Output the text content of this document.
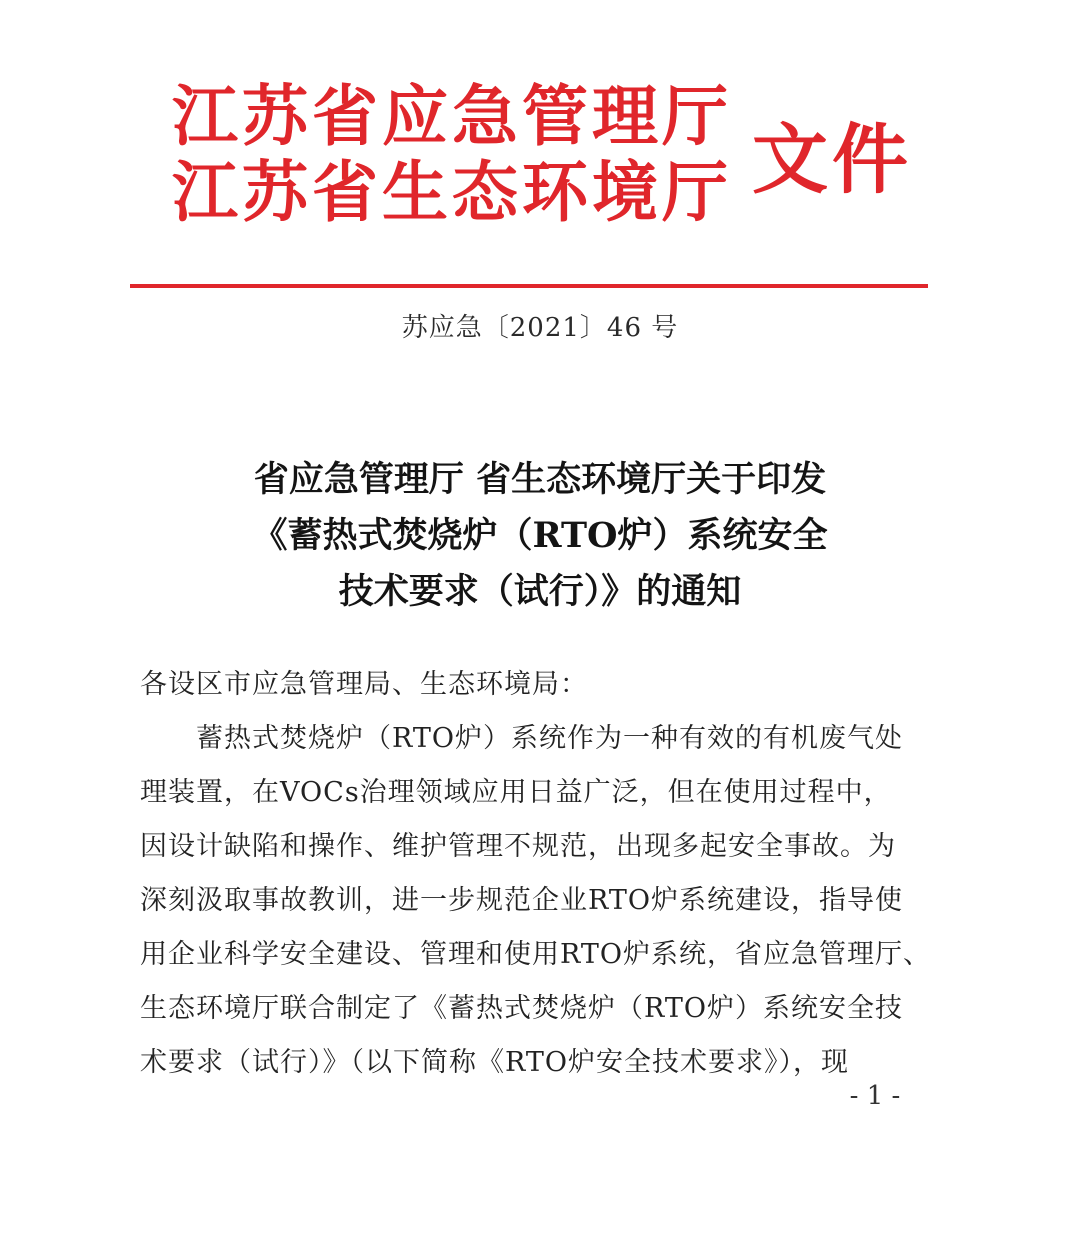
江苏省应急管理厅
江苏省生态环境厅 文件
苏应急〔2021〕46 号
省应急管理厅 省生态环境厅关于印发
《蓄热式焚烧炉（RTO炉）系统安全
技术要求（试行）》的通知
各设区市应急管理局、生态环境局：
　　蓄热式焚烧炉（RTO炉）系统作为一种有效的有机废气处
理装置，在VOCs治理领域应用日益广泛，但在使用过程中，
因设计缺陷和操作、维护管理不规范，出现多起安全事故。为
深刻汲取事故教训，进一步规范企业RTO炉系统建设，指导使
用企业科学安全建设、管理和使用RTO炉系统，省应急管理厅、
生态环境厅联合制定了《蓄热式焚烧炉（RTO炉）系统安全技
术要求（试行）》（以下简称《RTO炉安全技术要求》），现
- 1 -
